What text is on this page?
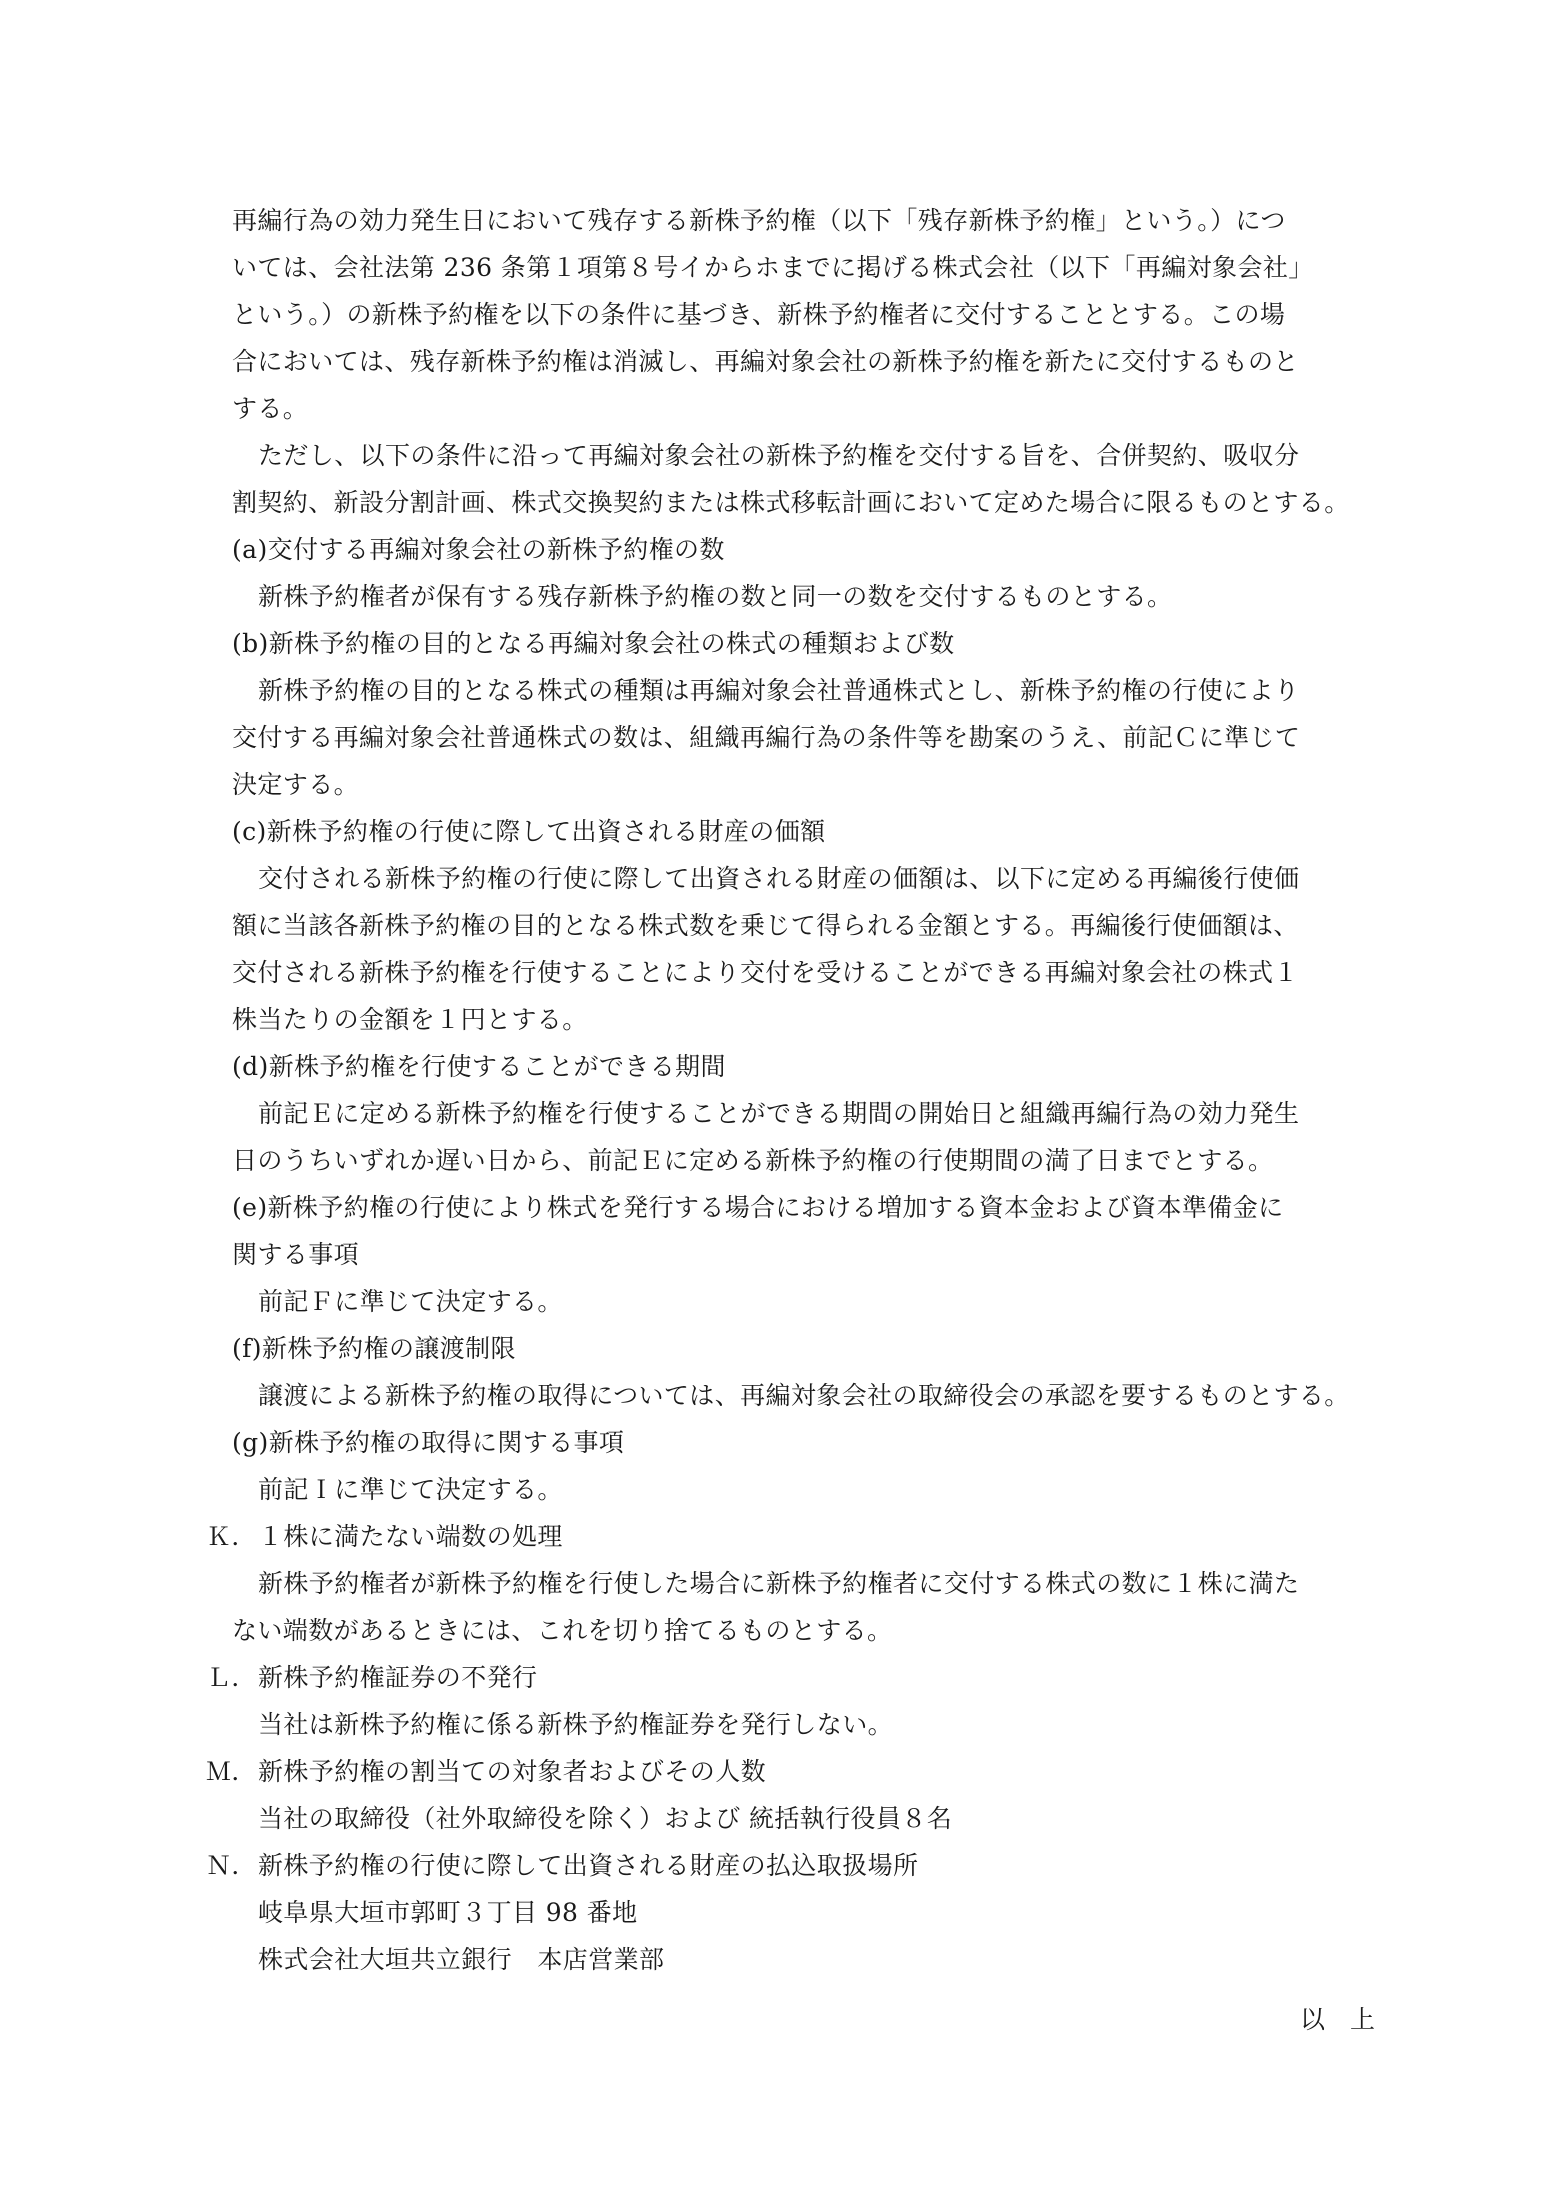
再編行為の効力発生日において残存する新株予約権（以下「残存新株予約権」という。）につ
いては、会社法第 236 条第１項第８号イからホまでに掲げる株式会社（以下「再編対象会社」
という。）の新株予約権を以下の条件に基づき、新株予約権者に交付することとする。この場
合においては、残存新株予約権は消滅し、再編対象会社の新株予約権を新たに交付するものと
する。
ただし、以下の条件に沿って再編対象会社の新株予約権を交付する旨を、合併契約、吸収分
割契約、新設分割計画、株式交換契約または株式移転計画において定めた場合に限るものとする。
(a)交付する再編対象会社の新株予約権の数
新株予約権者が保有する残存新株予約権の数と同一の数を交付するものとする。
(b)新株予約権の目的となる再編対象会社の株式の種類および数
新株予約権の目的となる株式の種類は再編対象会社普通株式とし、新株予約権の行使により
交付する再編対象会社普通株式の数は、組織再編行為の条件等を勘案のうえ、前記Ｃに準じて
決定する。
(c)新株予約権の行使に際して出資される財産の価額
交付される新株予約権の行使に際して出資される財産の価額は、以下に定める再編後行使価
額に当該各新株予約権の目的となる株式数を乗じて得られる金額とする。再編後行使価額は、
交付される新株予約権を行使することにより交付を受けることができる再編対象会社の株式１
株当たりの金額を１円とする。
(d)新株予約権を行使することができる期間
前記Ｅに定める新株予約権を行使することができる期間の開始日と組織再編行為の効力発生
日のうちいずれか遅い日から、前記Ｅに定める新株予約権の行使期間の満了日までとする。
(e)新株予約権の行使により株式を発行する場合における増加する資本金および資本準備金に
関する事項
前記Ｆに準じて決定する。
(f)新株予約権の譲渡制限
譲渡による新株予約権の取得については、再編対象会社の取締役会の承認を要するものとする。
(g)新株予約権の取得に関する事項
前記Ｉに準じて決定する。
Ｋ． １株に満たない端数の処理
新株予約権者が新株予約権を行使した場合に新株予約権者に交付する株式の数に１株に満た
ない端数があるときには、これを切り捨てるものとする。
Ｌ． 新株予約権証券の不発行
当社は新株予約権に係る新株予約権証券を発行しない。
Ｍ． 新株予約権の割当ての対象者およびその人数
当社の取締役（社外取締役を除く）および 統括執行役員８名
Ｎ． 新株予約権の行使に際して出資される財産の払込取扱場所
岐阜県大垣市郭町３丁目 98 番地
株式会社大垣共立銀行　本店営業部
以　上
